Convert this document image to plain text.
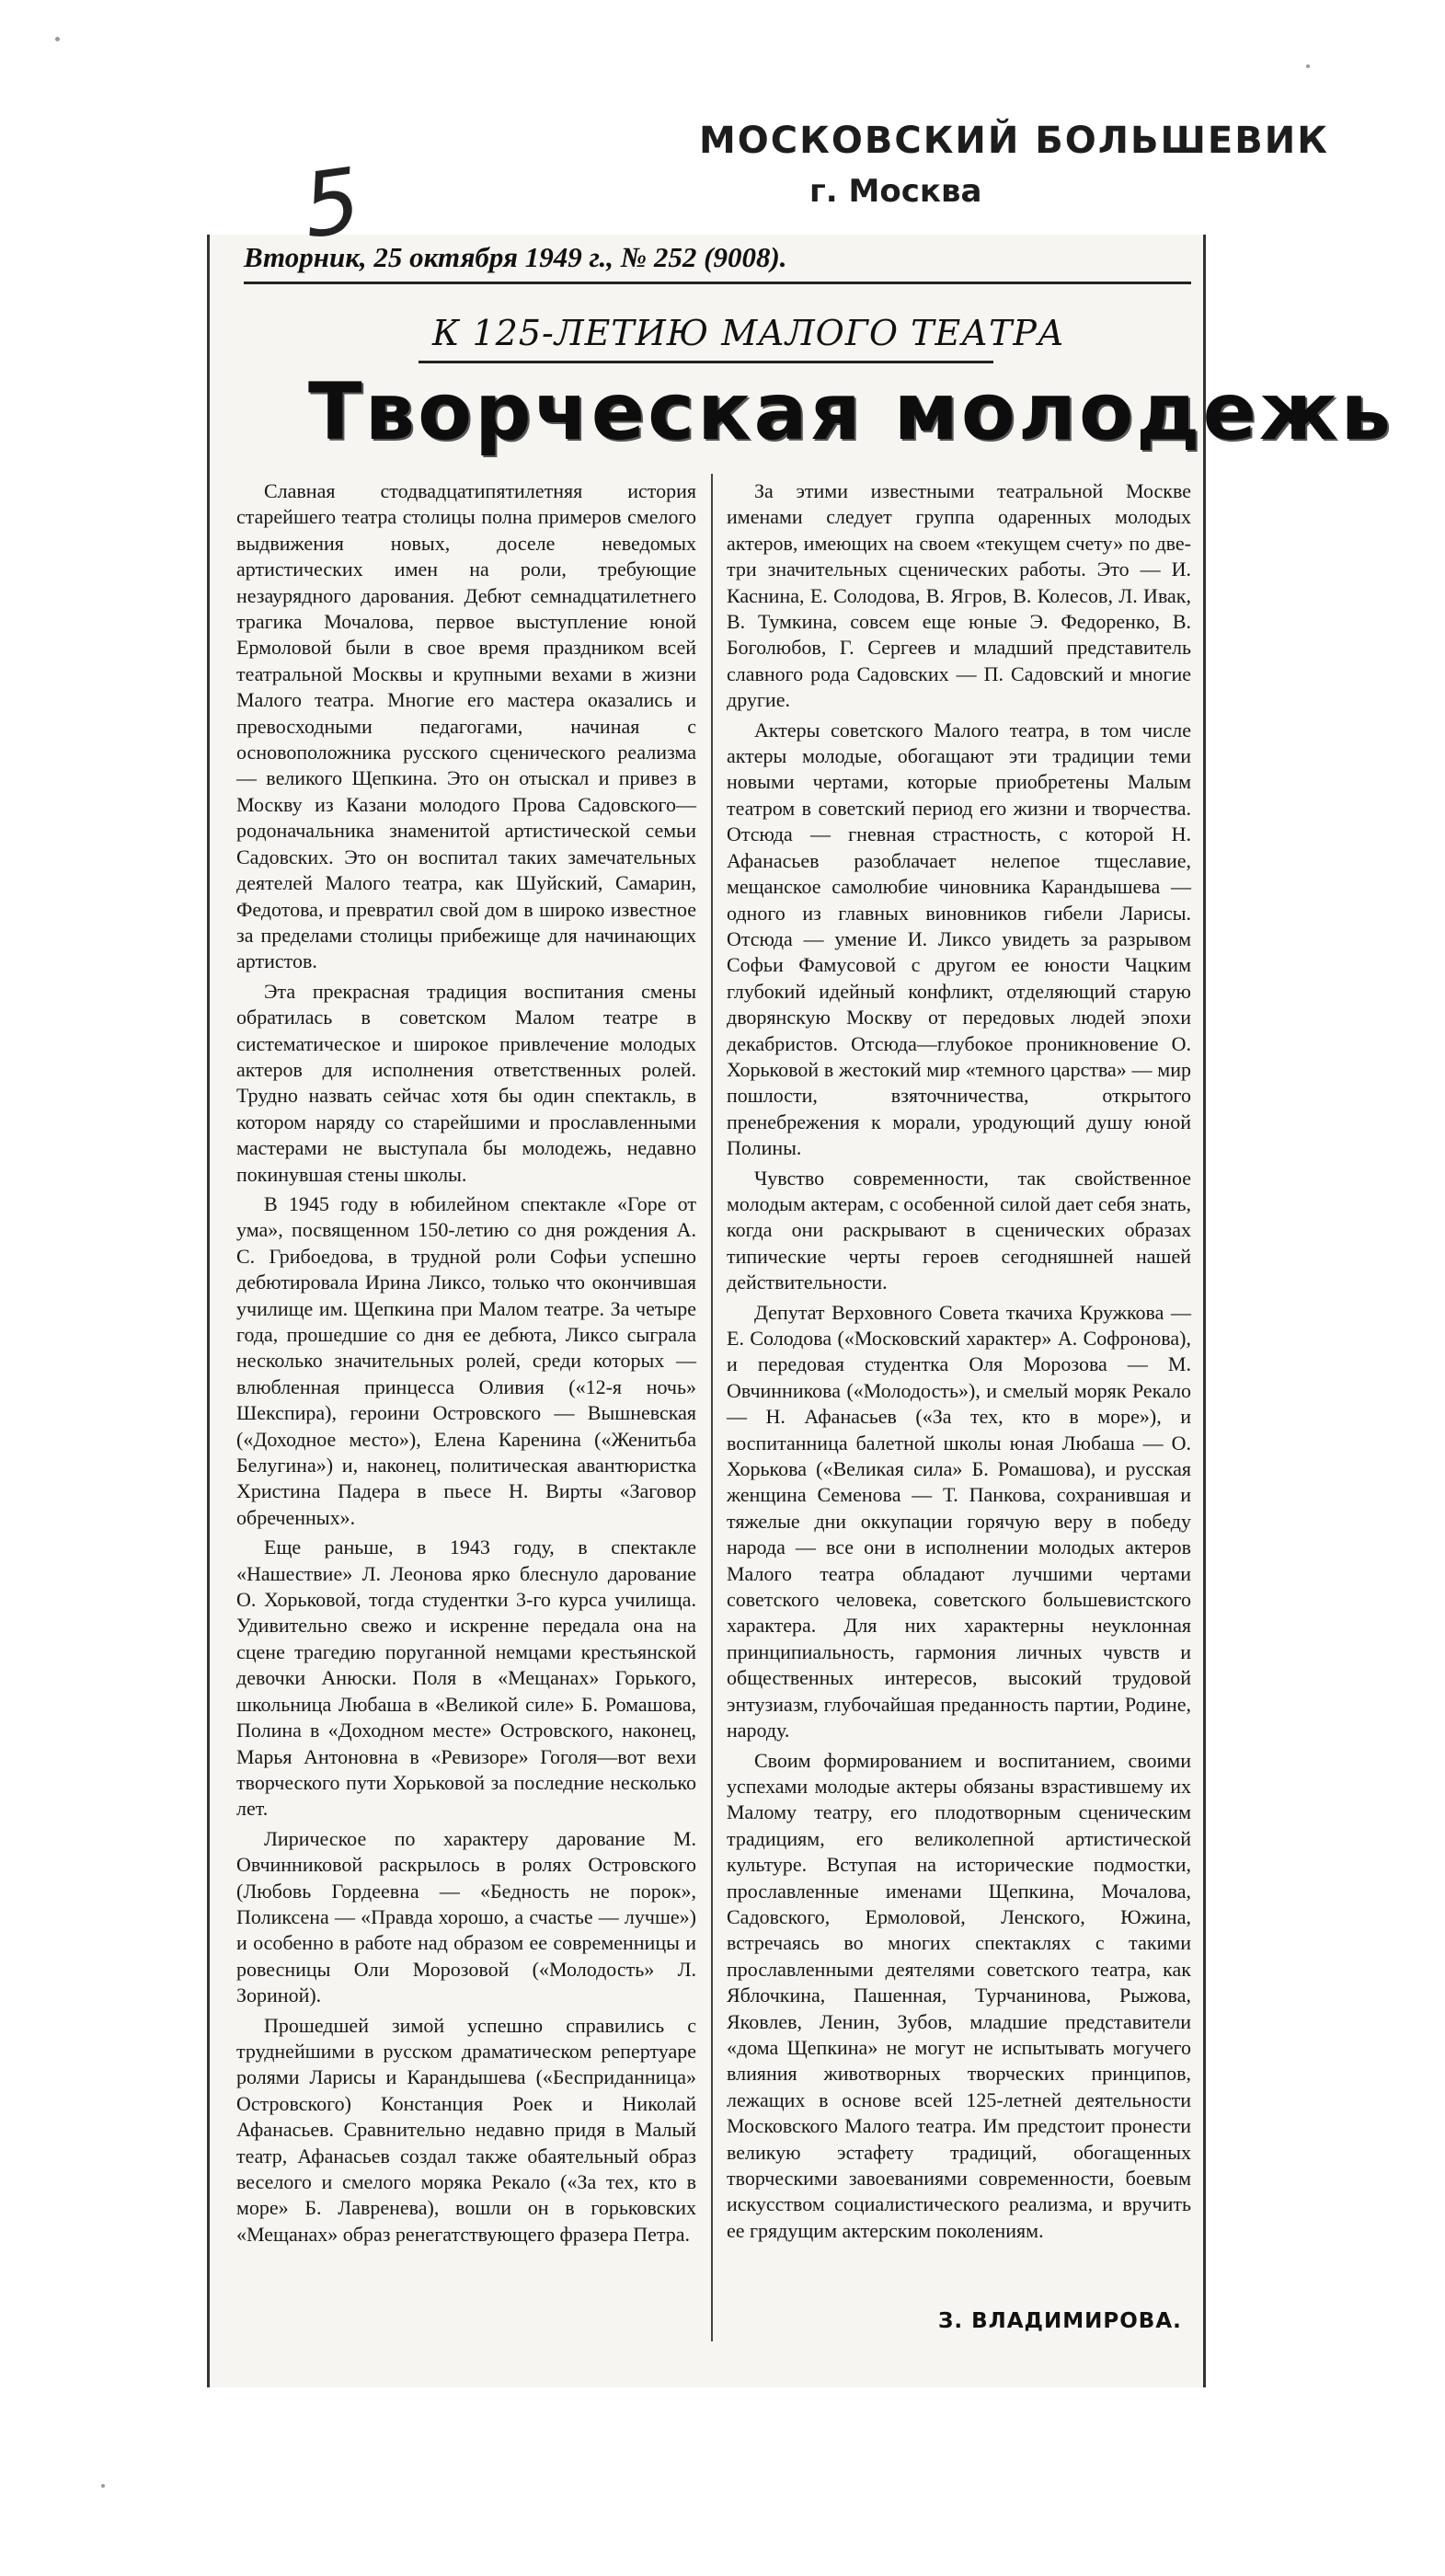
5
МОСКОВСКИЙ БОЛЬШЕВИК
г. Москва
Вторник, 25 октября 1949 г., № 252 (9008).
К 125-ЛЕТИЮ МАЛОГО ТЕАТРА
Творческая молодежь

Славная стодвадцатипятилетняя история старейшего театра столицы полна примеров смелого выдвижения новых, доселе неведомых артистических имен на роли, требующие незаурядного дарования. Дебют семнадцатилетнего трагика Мочалова, первое выступление юной Ермоловой были в свое время праздником всей театральной Москвы и крупными вехами в жизни Малого театра. Многие его мастера оказались и превосходными педагогами, начиная с основоположника русского сценического реализма — великого Щепкина. Это он отыскал и привез в Москву из Казани молодого Прова Садовского—родоначальника знаменитой артистической семьи Садовских. Это он воспитал таких замечательных деятелей Малого театра, как Шуйский, Самарин, Федотова, и превратил свой дом в широко известное за пределами столицы прибежище для начинающих артистов.

Эта прекрасная традиция воспитания смены обратилась в советском Малом театре в систематическое и широкое привлечение молодых актеров для исполнения ответственных ролей. Трудно назвать сейчас хотя бы один спектакль, в котором наряду со старейшими и прославленными мастерами не выступала бы молодежь, недавно покинувшая стены школы.

В 1945 году в юбилейном спектакле «Горе от ума», посвященном 150-летию со дня рождения А. С. Грибоедова, в трудной роли Софьи успешно дебютировала Ирина Ликсо, только что окончившая училище им. Щепкина при Малом театре. За четыре года, прошедшие со дня ее дебюта, Ликсо сыграла несколько значительных ролей, среди которых — влюбленная принцесса Оливия («12-я ночь» Шекспира), героини Островского — Вышневская («Доходное место»), Елена Каренина («Женитьба Белугина») и, наконец, политическая авантюристка Христина Падера в пьесе Н. Вирты «Заговор обреченных».

Еще раньше, в 1943 году, в спектакле «Нашествие» Л. Леонова ярко блеснуло дарование О. Хорьковой, тогда студентки 3-го курса училища. Удивительно свежо и искренне передала она на сцене трагедию поруганной немцами крестьянской девочки Анюски. Поля в «Мещанах» Горького, школьница Любаша в «Великой силе» Б. Ромашова, Полина в «Доходном месте» Островского, наконец, Марья Антоновна в «Ревизоре» Гоголя—вот вехи творческого пути Хорьковой за последние несколько лет.

Лирическое по характеру дарование М. Овчинниковой раскрылось в ролях Островского (Любовь Гордеевна — «Бедность не порок», Поликсена — «Правда хорошо, а счастье — лучше») и особенно в работе над образом ее современницы и ровесницы Оли Морозовой («Молодость» Л. Зориной).

Прошедшей зимой успешно справились с труднейшими в русском драматическом репертуаре ролями Ларисы и Карандышева («Бесприданница» Островского) Констанция Роек и Николай Афанасьев. Сравнительно недавно придя в Малый театр, Афанасьев создал также обаятельный образ веселого и смелого моряка Рекало («За тех, кто в море» Б. Лавренева), вошли он в горьковских «Мещанах» образ ренегатствующего фразера Петра.

За этими известными театральной Москве именами следует группа одаренных молодых актеров, имеющих на своем «текущем счету» по две-три значительных сценических работы. Это — И. Каснина, Е. Солодова, В. Ягров, В. Колесов, Л. Ивак, В. Тумкина, совсем еще юные Э. Федоренко, В. Боголюбов, Г. Сергеев и младший представитель славного рода Садовских — П. Садовский и многие другие.

Актеры советского Малого театра, в том числе актеры молодые, обогащают эти традиции теми новыми чертами, которые приобретены Малым театром в советский период его жизни и творчества. Отсюда — гневная страстность, с которой Н. Афанасьев разоблачает нелепое тщеславие, мещанское самолюбие чиновника Карандышева — одного из главных виновников гибели Ларисы. Отсюда — умение И. Ликсо увидеть за разрывом Софьи Фамусовой с другом ее юности Чацким глубокий идейный конфликт, отделяющий старую дворянскую Москву от передовых людей эпохи декабристов. Отсюда—глубокое проникновение О. Хорьковой в жестокий мир «темного царства» — мир пошлости, взяточничества, открытого пренебрежения к морали, уродующий душу юной Полины.

Чувство современности, так свойственное молодым актерам, с особенной силой дает себя знать, когда они раскрывают в сценических образах типические черты героев сегодняшней нашей действительности.

Депутат Верховного Совета ткачиха Кружкова — Е. Солодова («Московский характер» А. Софронова), и передовая студентка Оля Морозова — М. Овчинникова («Молодость»), и смелый моряк Рекало — Н. Афанасьев («За тех, кто в море»), и воспитанница балетной школы юная Любаша — О. Хорькова («Великая сила» Б. Ромашова), и русская женщина Семенова — Т. Панкова, сохранившая и тяжелые дни оккупации горячую веру в победу народа — все они в исполнении молодых актеров Малого театра обладают лучшими чертами советского человека, советского большевистского характера. Для них характерны неуклонная принципиальность, гармония личных чувств и общественных интересов, высокий трудовой энтузиазм, глубочайшая преданность партии, Родине, народу.

Своим формированием и воспитанием, своими успехами молодые актеры обязаны взрастившему их Малому театру, его плодотворным сценическим традициям, его великолепной артистической культуре. Вступая на исторические подмостки, прославленные именами Щепкина, Мочалова, Садовского, Ермоловой, Ленского, Южина, встречаясь во многих спектаклях с такими прославленными деятелями советского театра, как Яблочкина, Пашенная, Турчанинова, Рыжова, Яковлев, Ленин, Зубов, младшие представители «дома Щепкина» не могут не испытывать могучего влияния животворных творческих принципов, лежащих в основе всей 125-летней деятельности Московского Малого театра. Им предстоит пронести великую эстафету традиций, обогащенных творческими завоеваниями современности, боевым искусством социалистического реализма, и вручить ее грядущим актерским поколениям.

З. ВЛАДИМИРОВА.
